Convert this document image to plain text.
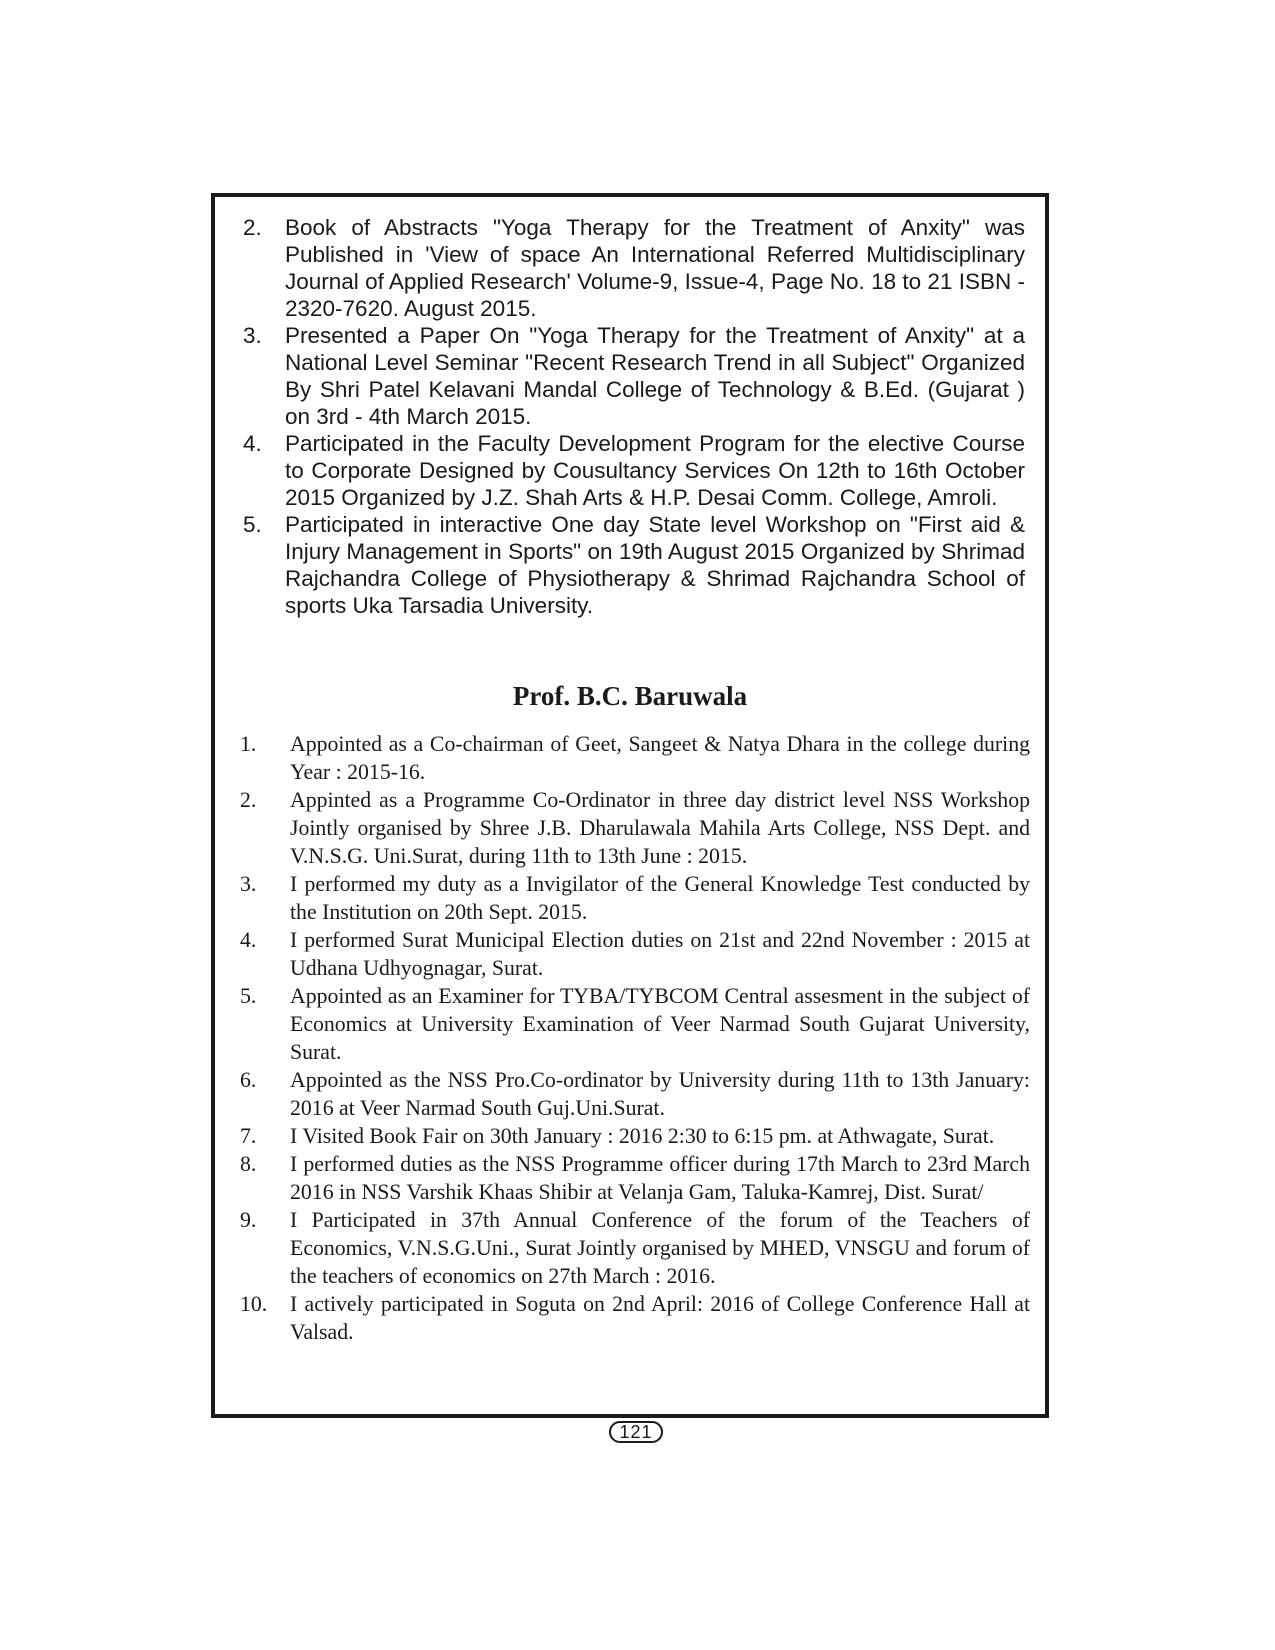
2. Book of Abstracts "Yoga Therapy for the Treatment of Anxity" was Published in 'View of space An International Referred Multidisciplinary Journal of Applied Research' Volume-9, Issue-4, Page No. 18 to 21 ISBN - 2320-7620. August 2015.
3. Presented a Paper On "Yoga Therapy for the Treatment of Anxity" at a National Level Seminar "Recent Research Trend in all Subject" Organized By Shri Patel Kelavani Mandal College of Technology & B.Ed. (Gujarat ) on 3rd - 4th March 2015.
4. Participated in the Faculty Development Program for the elective Course to Corporate Designed by Cousultancy Services On 12th to 16th October 2015 Organized by J.Z. Shah Arts & H.P. Desai Comm. College, Amroli.
5. Participated in interactive One day State level Workshop on "First aid & Injury Management in Sports" on 19th August 2015 Organized by Shrimad Rajchandra College of Physiotherapy & Shrimad Rajchandra School of sports Uka Tarsadia University.
Prof. B.C. Baruwala
1. Appointed as a Co-chairman of Geet, Sangeet & Natya Dhara in the college during Year : 2015-16.
2. Appinted as a Programme Co-Ordinator in three day district level NSS Workshop Jointly organised by Shree J.B. Dharulawala Mahila Arts College, NSS Dept. and V.N.S.G. Uni.Surat, during 11th to 13th June : 2015.
3. I performed my duty as a Invigilator of the General Knowledge Test conducted by the Institution on 20th Sept. 2015.
4. I performed Surat Municipal Election duties on 21st and 22nd November : 2015 at Udhana Udhyognagar, Surat.
5. Appointed as an Examiner for TYBA/TYBCOM Central assesment in the subject of Economics at University Examination of Veer Narmad South Gujarat University, Surat.
6. Appointed as the NSS Pro.Co-ordinator by University during 11th to 13th January: 2016 at Veer Narmad South Guj.Uni.Surat.
7. I Visited Book Fair on 30th January : 2016 2:30 to 6:15 pm. at Athwagate, Surat.
8. I performed duties as the NSS Programme officer during 17th March to 23rd March 2016 in NSS Varshik Khaas Shibir at Velanja Gam, Taluka-Kamrej, Dist. Surat/
9. I Participated in 37th Annual Conference of the forum of the Teachers of Economics, V.N.S.G.Uni., Surat Jointly organised by MHED, VNSGU and forum of the teachers of economics on 27th March : 2016.
10. I actively participated in Soguta on 2nd April: 2016 of College Conference Hall at Valsad.
121
